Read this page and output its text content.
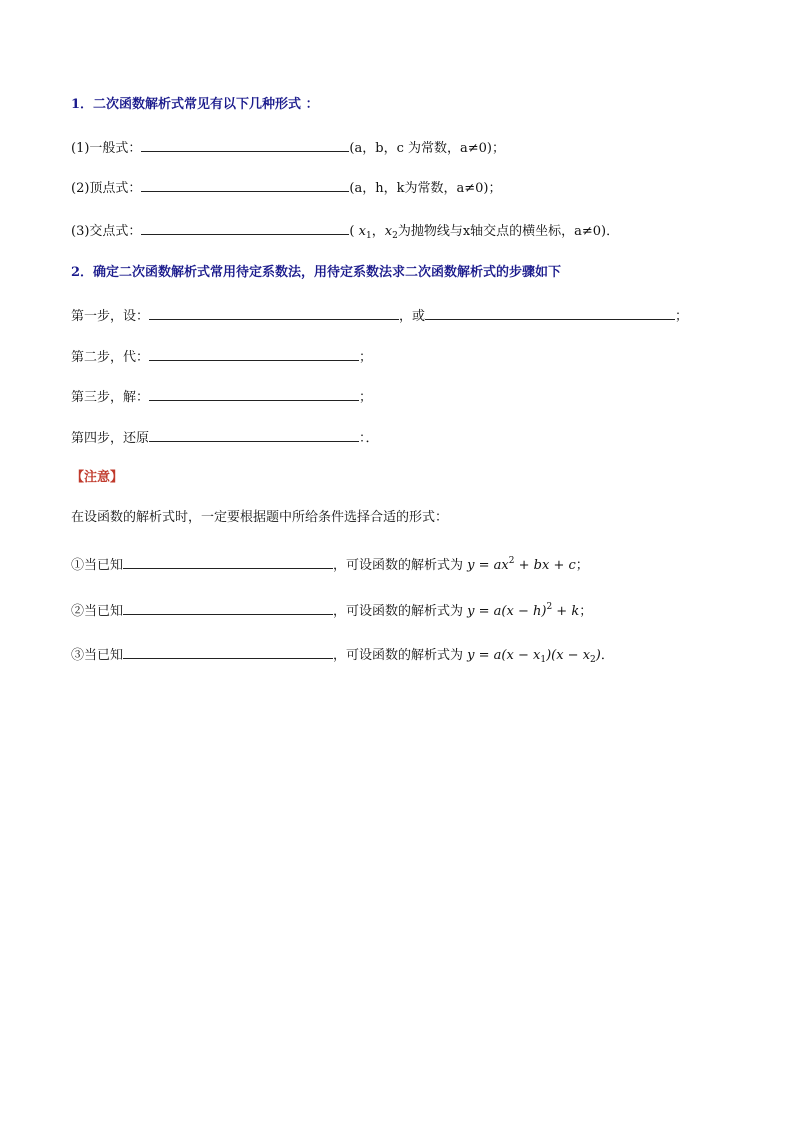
1．二次函数解析式常见有以下几种形式 ：
(1)一般式：	(a，b，c 为常数，a≠0)；
(2)顶点式：	(a，h，k为常数，a≠0)；
(3)交点式：	( $x_1$，$x_2$为抛物线与x轴交点的横坐标，a≠0)．
2．确定二次函数解析式常用待定系数法，用待定系数法求二次函数解析式的步骤如下
第一步，设：	，或	；
第二步，代：	；
第三步，解：	；
第四步，还原	：．
【注意】
在设函数的解析式时，一定要根据题中所给条件选择合适的形式：
①当已知	，可设函数的解析式为 $y = ax^2$ + bx + c；
②当已知	，可设函数的解析式为 $y = a(x - h)^2 + k$；
③当已知	，可设函数的解析式为 $y = a(x - x_1)(x - x_2)$．
